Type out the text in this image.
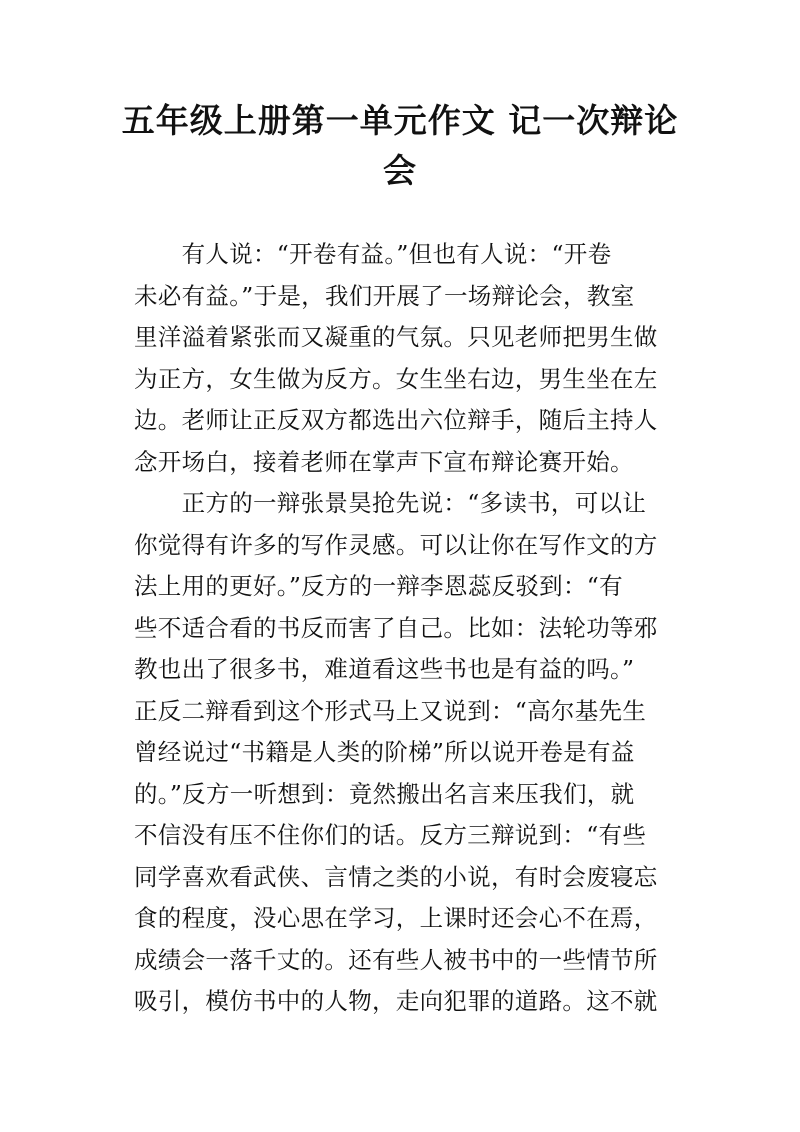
五年级上册第一单元作文 记一次辩论
会
　　有人说：“开卷有益。”但也有人说：“开卷
未必有益。”于是，我们开展了一场辩论会，教室
里洋溢着紧张而又凝重的气氛。只见老师把男生做
为正方，女生做为反方。女生坐右边，男生坐在左
边。老师让正反双方都选出六位辩手，随后主持人
念开场白，接着老师在掌声下宣布辩论赛开始。
　　正方的一辩张景昊抢先说：“多读书，可以让
你觉得有许多的写作灵感。可以让你在写作文的方
法上用的更好。”反方的一辩李恩蕊反驳到：“有
些不适合看的书反而害了自己。比如：法轮功等邪
教也出了很多书，难道看这些书也是有益的吗。”
正反二辩看到这个形式马上又说到：“高尔基先生
曾经说过“书籍是人类的阶梯”所以说开卷是有益
的。”反方一听想到：竟然搬出名言来压我们，就
不信没有压不住你们的话。反方三辩说到：“有些
同学喜欢看武侠、言情之类的小说，有时会废寝忘
食的程度，没心思在学习，上课时还会心不在焉，
成绩会一落千丈的。还有些人被书中的一些情节所
吸引，模仿书中的人物，走向犯罪的道路。这不就
